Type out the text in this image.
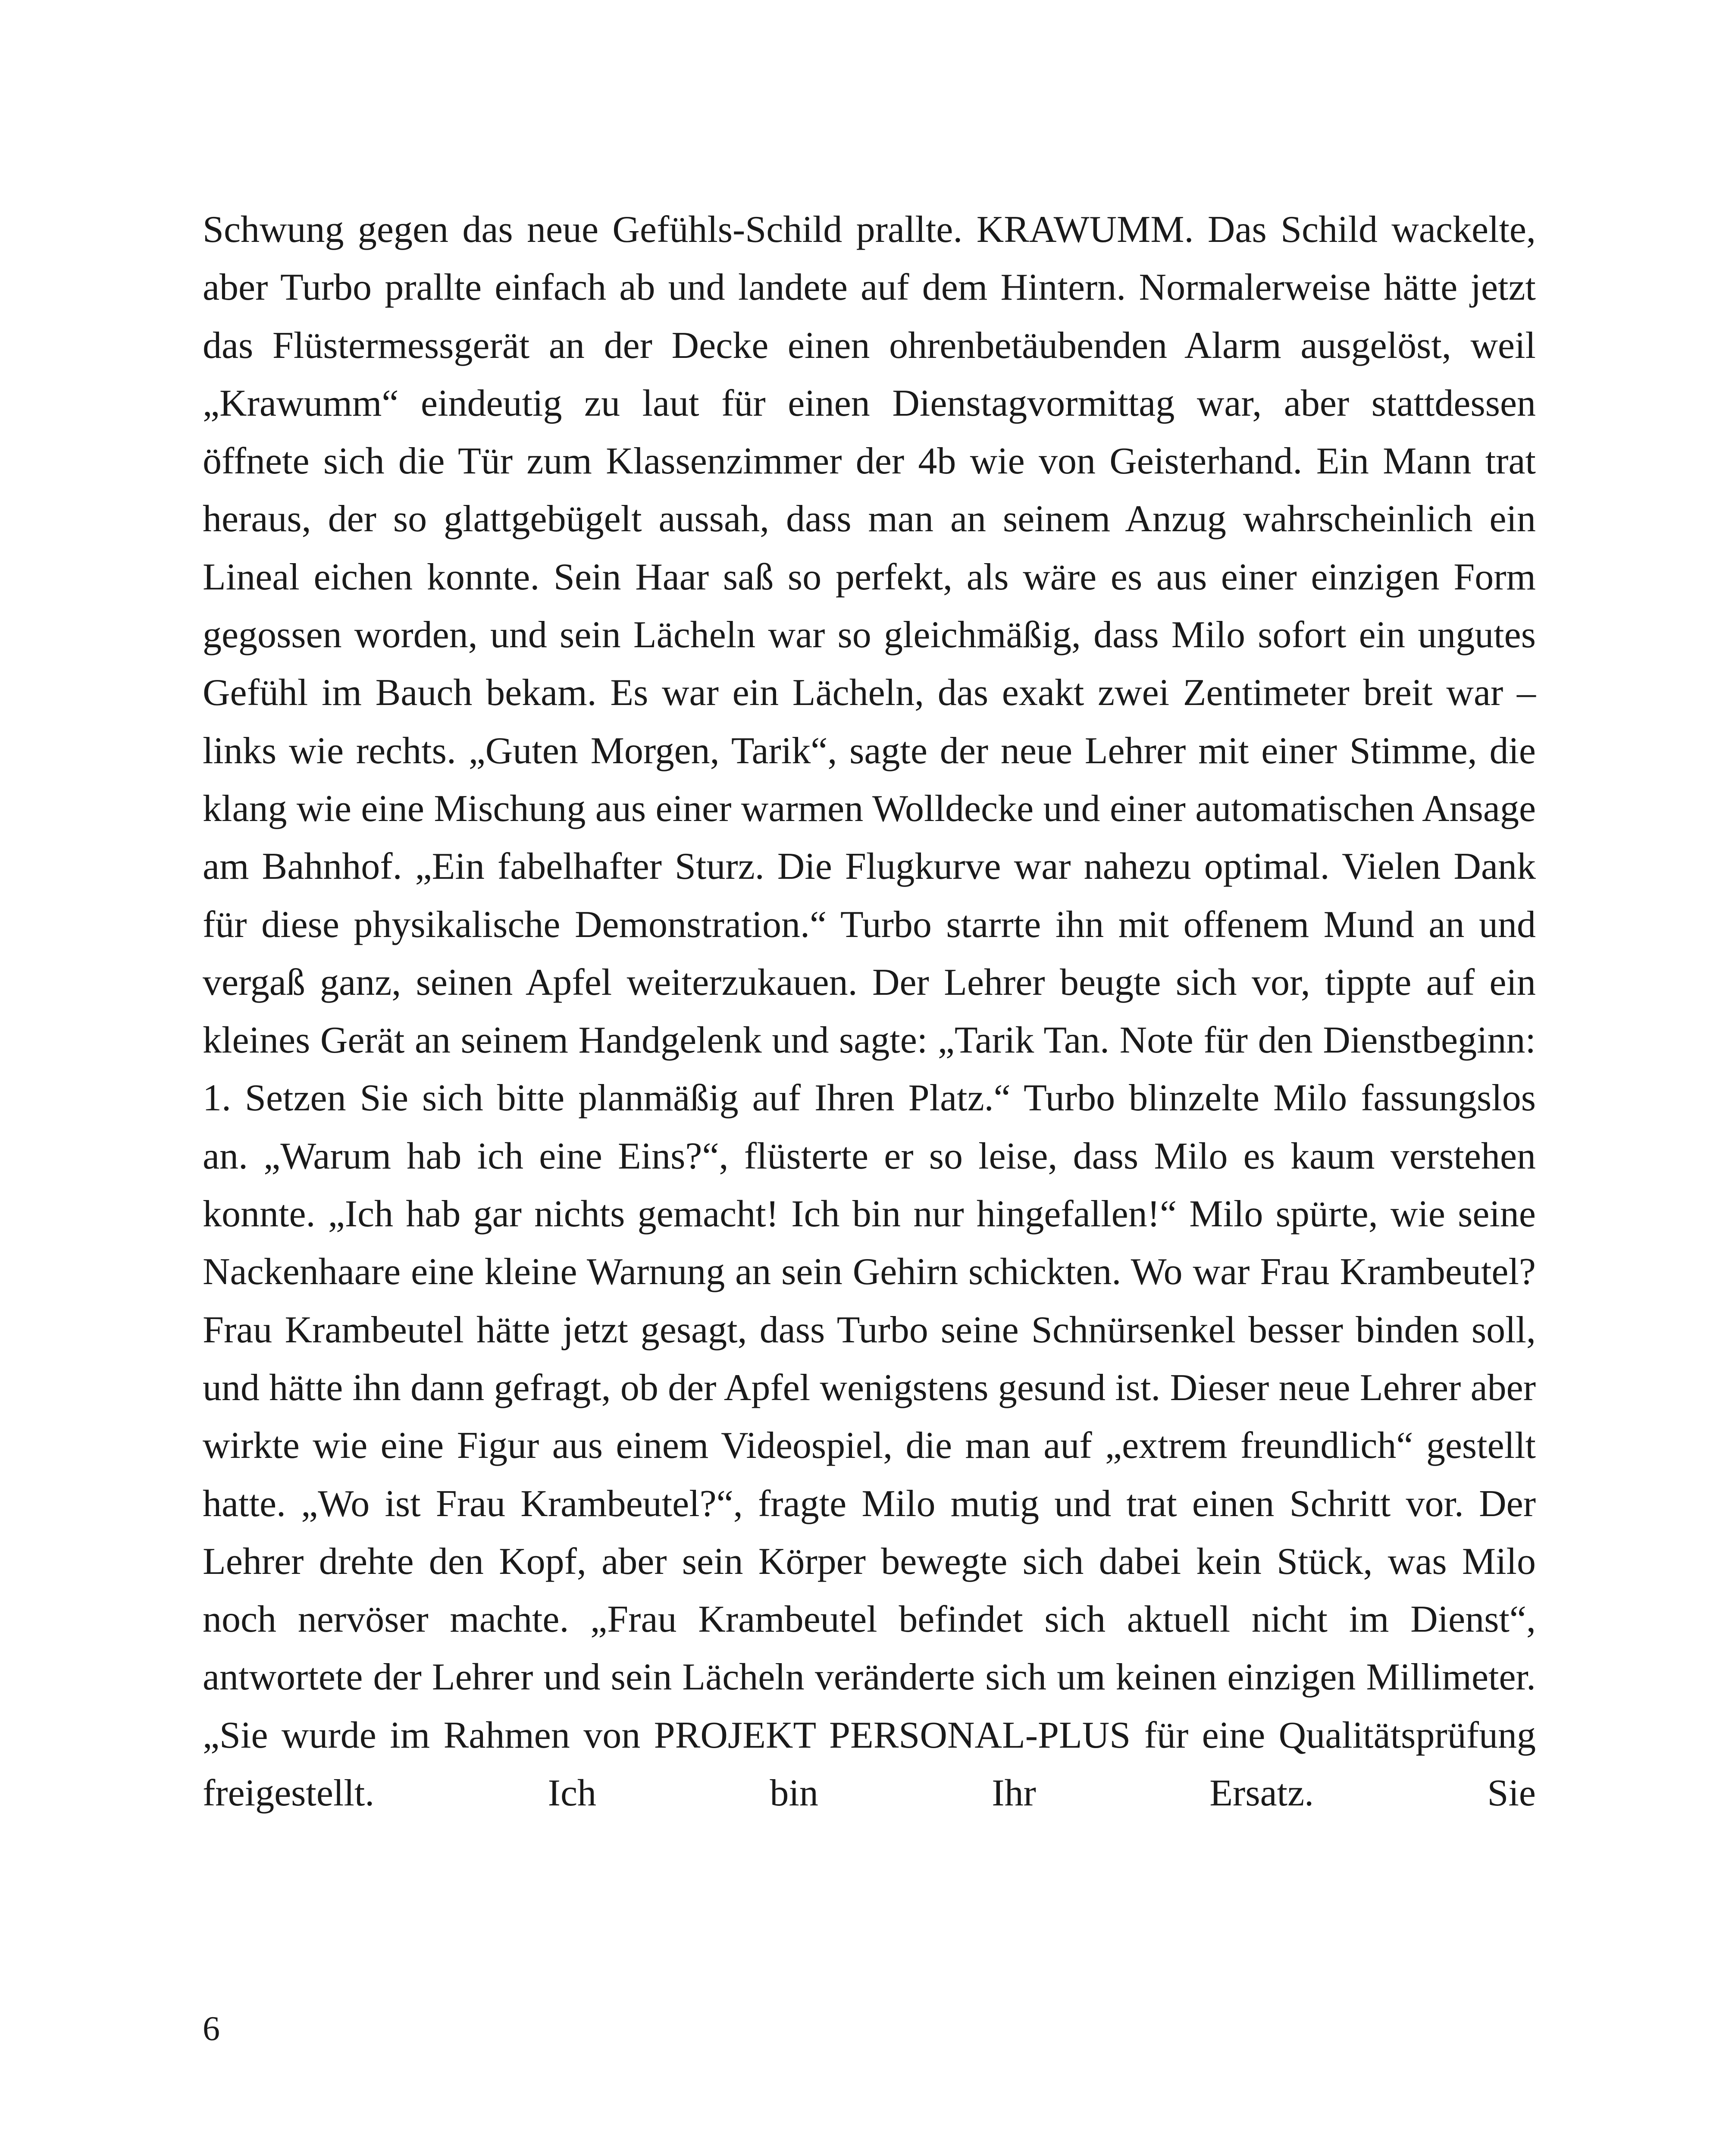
Schwung gegen das neue Gefühls-Schild prallte. KRAWUMM. Das Schild wackelte, aber Turbo prallte einfach ab und landete auf dem Hintern. Normalerweise hätte jetzt das Flüstermessgerät an der Decke einen ohrenbetäubenden Alarm ausgelöst, weil „Krawumm“ eindeutig zu laut für einen Dienstagvormittag war, aber stattdessen öffnete sich die Tür zum Klassenzimmer der 4b wie von Geisterhand. Ein Mann trat heraus, der so glattgebügelt aussah, dass man an seinem Anzug wahrscheinlich ein Lineal eichen konnte. Sein Haar saß so perfekt, als wäre es aus einer einzigen Form gegossen worden, und sein Lächeln war so gleichmäßig, dass Milo sofort ein ungutes Gefühl im Bauch bekam. Es war ein Lächeln, das exakt zwei Zentimeter breit war – links wie rechts. „Guten Morgen, Tarik“, sagte der neue Lehrer mit einer Stimme, die klang wie eine Mischung aus einer warmen Wolldecke und einer automatischen Ansage am Bahnhof. „Ein fabelhafter Sturz. Die Flugkurve war nahezu optimal. Vielen Dank für diese physikalische Demonstration.“ Turbo starrte ihn mit offenem Mund an und vergaß ganz, seinen Apfel weiterzukauen. Der Lehrer beugte sich vor, tippte auf ein kleines Gerät an seinem Handgelenk und sagte: „Tarik Tan. Note für den Dienstbeginn: 1. Setzen Sie sich bitte planmäßig auf Ihren Platz.“ Turbo blinzelte Milo fassungslos an. „Warum hab ich eine Eins?“, flüsterte er so leise, dass Milo es kaum verstehen konnte. „Ich hab gar nichts gemacht! Ich bin nur hingefallen!“ Milo spürte, wie seine Nackenhaare eine kleine Warnung an sein Gehirn schickten. Wo war Frau Krambeutel? Frau Krambeutel hätte jetzt gesagt, dass Turbo seine Schnürsenkel besser binden soll, und hätte ihn dann gefragt, ob der Apfel wenigstens gesund ist. Dieser neue Lehrer aber wirkte wie eine Figur aus einem Videospiel, die man auf „extrem freundlich“ gestellt hatte. „Wo ist Frau Krambeutel?“, fragte Milo mutig und trat einen Schritt vor. Der Lehrer drehte den Kopf, aber sein Körper bewegte sich dabei kein Stück, was Milo noch nervöser machte. „Frau Krambeutel befindet sich aktuell nicht im Dienst“, antwortete der Lehrer und sein Lächeln veränderte sich um keinen einzigen Millimeter. „Sie wurde im Rahmen von PROJEKT PERSONAL-PLUS für eine Qualitätsprüfung freigestellt. Ich bin Ihr Ersatz. Sie

6
